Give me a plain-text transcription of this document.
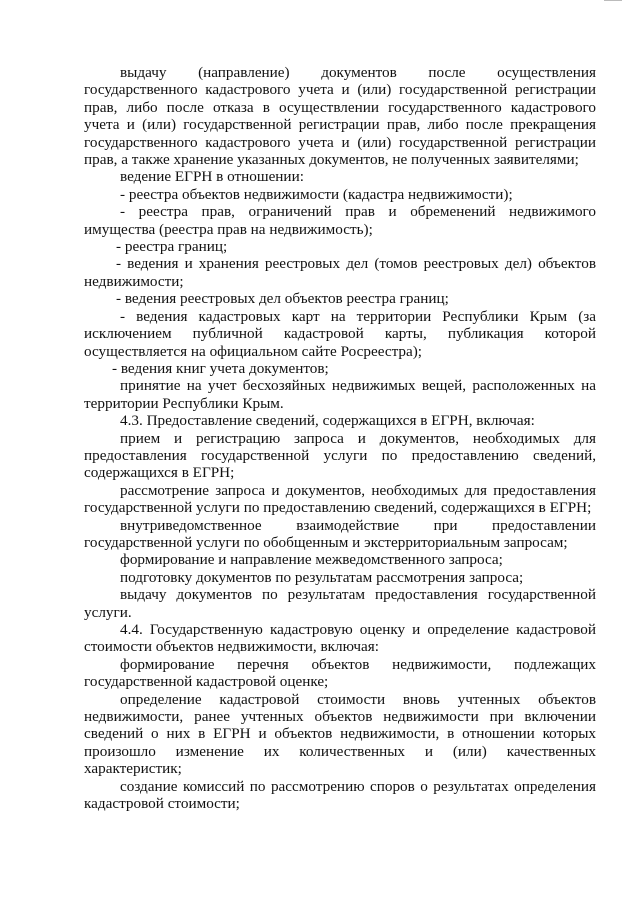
выдачу (направление) документов после осуществления государственного кадастрового учета и (или) государственной регистрации прав, либо после отказа в осуществлении государственного кадастрового учета и (или) государственной регистрации прав, либо после прекращения государственного кадастрового учета и (или) государственной регистрации прав, а также хранение указанных документов, не полученных заявителями;

ведение ЕГРН в отношении:

- реестра объектов недвижимости (кадастра недвижимости);

- реестра прав, ограничений прав и обременений недвижимого имущества (реестра прав на недвижимость);

- реестра границ;

- ведения и хранения реестровых дел (томов реестровых дел) объектов недвижимости;

- ведения реестровых дел объектов реестра границ;

- ведения кадастровых карт на территории Республики Крым (за исключением публичной кадастровой карты, публикация которой осуществляется на официальном сайте Росреестра);

- ведения книг учета документов;

принятие на учет бесхозяйных недвижимых вещей, расположенных на территории Республики Крым.

4.3. Предоставление сведений, содержащихся в ЕГРН, включая:

прием и регистрацию запроса и документов, необходимых для предоставления государственной услуги по предоставлению сведений, содержащихся в ЕГРН;

рассмотрение запроса и документов, необходимых для предоставления государственной услуги по предоставлению сведений, содержащихся в ЕГРН;

внутриведомственное взаимодействие при предоставлении государственной услуги по обобщенным и экстерриториальным запросам;

формирование и направление межведомственного запроса;

подготовку документов по результатам рассмотрения запроса;

выдачу документов по результатам предоставления государственной услуги.

4.4. Государственную кадастровую оценку и определение кадастровой стоимости объектов недвижимости, включая:

формирование перечня объектов недвижимости, подлежащих государственной кадастровой оценке;

определение кадастровой стоимости вновь учтенных объектов недвижимости, ранее учтенных объектов недвижимости при включении сведений о них в ЕГРН и объектов недвижимости, в отношении которых произошло изменение их количественных и (или) качественных характеристик;

создание комиссий по рассмотрению споров о результатах определения кадастровой стоимости;
